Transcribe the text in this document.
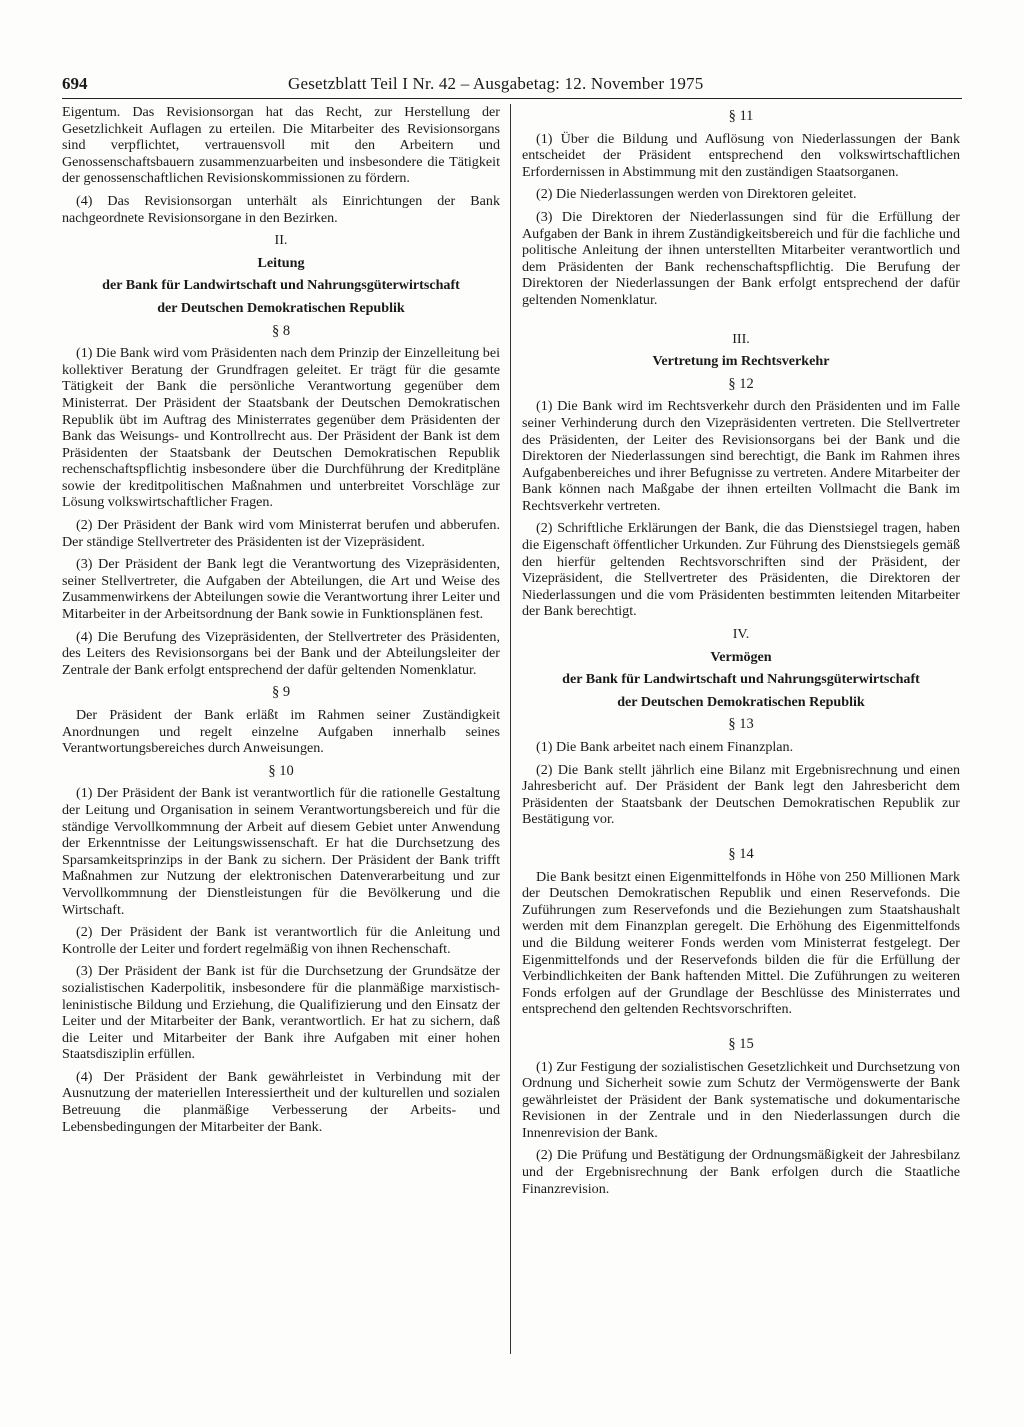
694	Gesetzblatt Teil I Nr. 42 – Ausgabetag: 12. November 1975

Eigentum. Das Revisionsorgan hat das Recht, zur Herstellung der Gesetzlichkeit Auflagen zu erteilen. Die Mitarbeiter des Revisionsorgans sind verpflichtet, vertrauensvoll mit den Arbeitern und Genossenschaftsbauern zusammenzuarbeiten und insbesondere die Tätigkeit der genossenschaftlichen Revisionskommissionen zu fördern.

(4) Das Revisionsorgan unterhält als Einrichtungen der Bank nachgeordnete Revisionsorgane in den Bezirken.

II.

Leitung

der Bank für Landwirtschaft und Nahrungsgüterwirtschaft

der Deutschen Demokratischen Republik

§ 8

(1) Die Bank wird vom Präsidenten nach dem Prinzip der Einzelleitung bei kollektiver Beratung der Grundfragen geleitet. Er trägt für die gesamte Tätigkeit der Bank die persönliche Verantwortung gegenüber dem Ministerrat. Der Präsident der Staatsbank der Deutschen Demokratischen Republik übt im Auftrag des Ministerrates gegenüber dem Präsidenten der Bank das Weisungs- und Kontrollrecht aus. Der Präsident der Bank ist dem Präsidenten der Staatsbank der Deutschen Demokratischen Republik rechenschaftspflichtig insbesondere über die Durchführung der Kreditpläne sowie der kreditpolitischen Maßnahmen und unterbreitet Vorschläge zur Lösung volkswirtschaftlicher Fragen.

(2) Der Präsident der Bank wird vom Ministerrat berufen und abberufen. Der ständige Stellvertreter des Präsidenten ist der Vizepräsident.

(3) Der Präsident der Bank legt die Verantwortung des Vizepräsidenten, seiner Stellvertreter, die Aufgaben der Abteilungen, die Art und Weise des Zusammenwirkens der Abteilungen sowie die Verantwortung ihrer Leiter und Mitarbeiter in der Arbeitsordnung der Bank sowie in Funktionsplänen fest.

(4) Die Berufung des Vizepräsidenten, der Stellvertreter des Präsidenten, des Leiters des Revisionsorgans bei der Bank und der Abteilungsleiter der Zentrale der Bank erfolgt entsprechend der dafür geltenden Nomenklatur.

§ 9

Der Präsident der Bank erläßt im Rahmen seiner Zuständigkeit Anordnungen und regelt einzelne Aufgaben innerhalb seines Verantwortungsbereiches durch Anweisungen.

§ 10

(1) Der Präsident der Bank ist verantwortlich für die rationelle Gestaltung der Leitung und Organisation in seinem Verantwortungsbereich und für die ständige Vervollkommnung der Arbeit auf diesem Gebiet unter Anwendung der Erkenntnisse der Leitungswissenschaft. Er hat die Durchsetzung des Sparsamkeitsprinzips in der Bank zu sichern. Der Präsident der Bank trifft Maßnahmen zur Nutzung der elektronischen Datenverarbeitung und zur Vervollkommnung der Dienstleistungen für die Bevölkerung und die Wirtschaft.

(2) Der Präsident der Bank ist verantwortlich für die Anleitung und Kontrolle der Leiter und fordert regelmäßig von ihnen Rechenschaft.

(3) Der Präsident der Bank ist für die Durchsetzung der Grundsätze der sozialistischen Kaderpolitik, insbesondere für die planmäßige marxistisch-leninistische Bildung und Erziehung, die Qualifizierung und den Einsatz der Leiter und der Mitarbeiter der Bank, verantwortlich. Er hat zu sichern, daß die Leiter und Mitarbeiter der Bank ihre Aufgaben mit einer hohen Staatsdisziplin erfüllen.

(4) Der Präsident der Bank gewährleistet in Verbindung mit der Ausnutzung der materiellen Interessiertheit und der kulturellen und sozialen Betreuung die planmäßige Verbesserung der Arbeits- und Lebensbedingungen der Mitarbeiter der Bank.

§ 11

(1) Über die Bildung und Auflösung von Niederlassungen der Bank entscheidet der Präsident entsprechend den volkswirtschaftlichen Erfordernissen in Abstimmung mit den zuständigen Staatsorganen.

(2) Die Niederlassungen werden von Direktoren geleitet.

(3) Die Direktoren der Niederlassungen sind für die Erfüllung der Aufgaben der Bank in ihrem Zuständigkeitsbereich und für die fachliche und politische Anleitung der ihnen unterstellten Mitarbeiter verantwortlich und dem Präsidenten der Bank rechenschaftspflichtig. Die Berufung der Direktoren der Niederlassungen der Bank erfolgt entsprechend der dafür geltenden Nomenklatur.

III.

Vertretung im Rechtsverkehr

§ 12

(1) Die Bank wird im Rechtsverkehr durch den Präsidenten und im Falle seiner Verhinderung durch den Vizepräsidenten vertreten. Die Stellvertreter des Präsidenten, der Leiter des Revisionsorgans bei der Bank und die Direktoren der Niederlassungen sind berechtigt, die Bank im Rahmen ihres Aufgabenbereiches und ihrer Befugnisse zu vertreten. Andere Mitarbeiter der Bank können nach Maßgabe der ihnen erteilten Vollmacht die Bank im Rechtsverkehr vertreten.

(2) Schriftliche Erklärungen der Bank, die das Dienstsiegel tragen, haben die Eigenschaft öffentlicher Urkunden. Zur Führung des Dienstsiegels gemäß den hierfür geltenden Rechtsvorschriften sind der Präsident, der Vizepräsident, die Stellvertreter des Präsidenten, die Direktoren der Niederlassungen und die vom Präsidenten bestimmten leitenden Mitarbeiter der Bank berechtigt.

IV.

Vermögen

der Bank für Landwirtschaft und Nahrungsgüterwirtschaft

der Deutschen Demokratischen Republik

§ 13

(1) Die Bank arbeitet nach einem Finanzplan.

(2) Die Bank stellt jährlich eine Bilanz mit Ergebnisrechnung und einen Jahresbericht auf. Der Präsident der Bank legt den Jahresbericht dem Präsidenten der Staatsbank der Deutschen Demokratischen Republik zur Bestätigung vor.

§ 14

Die Bank besitzt einen Eigenmittelfonds in Höhe von 250 Millionen Mark der Deutschen Demokratischen Republik und einen Reservefonds. Die Zuführungen zum Reservefonds und die Beziehungen zum Staatshaushalt werden mit dem Finanzplan geregelt. Die Erhöhung des Eigenmittelfonds und die Bildung weiterer Fonds werden vom Ministerrat festgelegt. Der Eigenmittelfonds und der Reservefonds bilden die für die Erfüllung der Verbindlichkeiten der Bank haftenden Mittel. Die Zuführungen zu weiteren Fonds erfolgen auf der Grundlage der Beschlüsse des Ministerrates und entsprechend den geltenden Rechtsvorschriften.

§ 15

(1) Zur Festigung der sozialistischen Gesetzlichkeit und Durchsetzung von Ordnung und Sicherheit sowie zum Schutz der Vermögenswerte der Bank gewährleistet der Präsident der Bank systematische und dokumentarische Revisionen in der Zentrale und in den Niederlassungen durch die Innenrevision der Bank.

(2) Die Prüfung und Bestätigung der Ordnungsmäßigkeit der Jahresbilanz und der Ergebnisrechnung der Bank erfolgen durch die Staatliche Finanzrevision.
